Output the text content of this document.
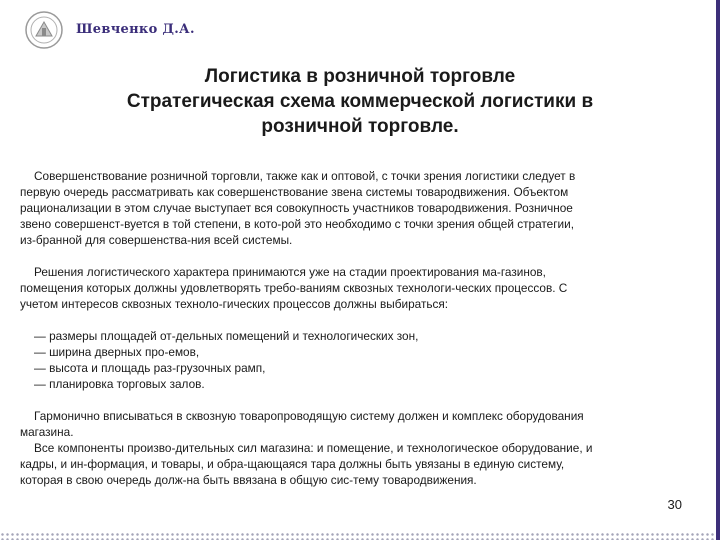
Шевченко Д.А.
Логистика в розничной торговле
Стратегическая схема коммерческой логистики в
розничной торговле.

Совершенствование розничной торговли, также как и оптовой, с точки зрения логистики следует в

первую очередь рассматривать как совершенствование звена системы товародвижения. Объектом

рационализации в этом случае выступает вся совокупность участников товародвижения. Розничное

звено совершенст-вуется в той степени, в кото-рой это необходимо с точки зрения общей стратегии,

из-бранной для совершенства-ния всей системы.

Решения логистического характера принимаются уже на стадии проектирования ма-газинов,

помещения которых должны удовлетворять требо-ваниям сквозных технологи-ческих процессов. С

учетом интересов сквозных техноло-гических процессов должны выбираться:

— размеры площадей от-дельных помещений и технологических зон,

— ширина дверных про-емов,

— высота и площадь раз-грузочных рамп,

— планировка торговых залов.

Гармонично вписываться в сквозную товаропроводящую систему должен и комплекс оборудования

магазина.

Все компоненты произво-дительных сил магазина: и помещение, и технологическое оборудование, и

кадры, и ин-формация, и товары, и обра-щающаяся тара должны быть увязаны в единую систему,

которая в свою очередь долж-на быть ввязана в общую сис-тему товародвижения.

30
